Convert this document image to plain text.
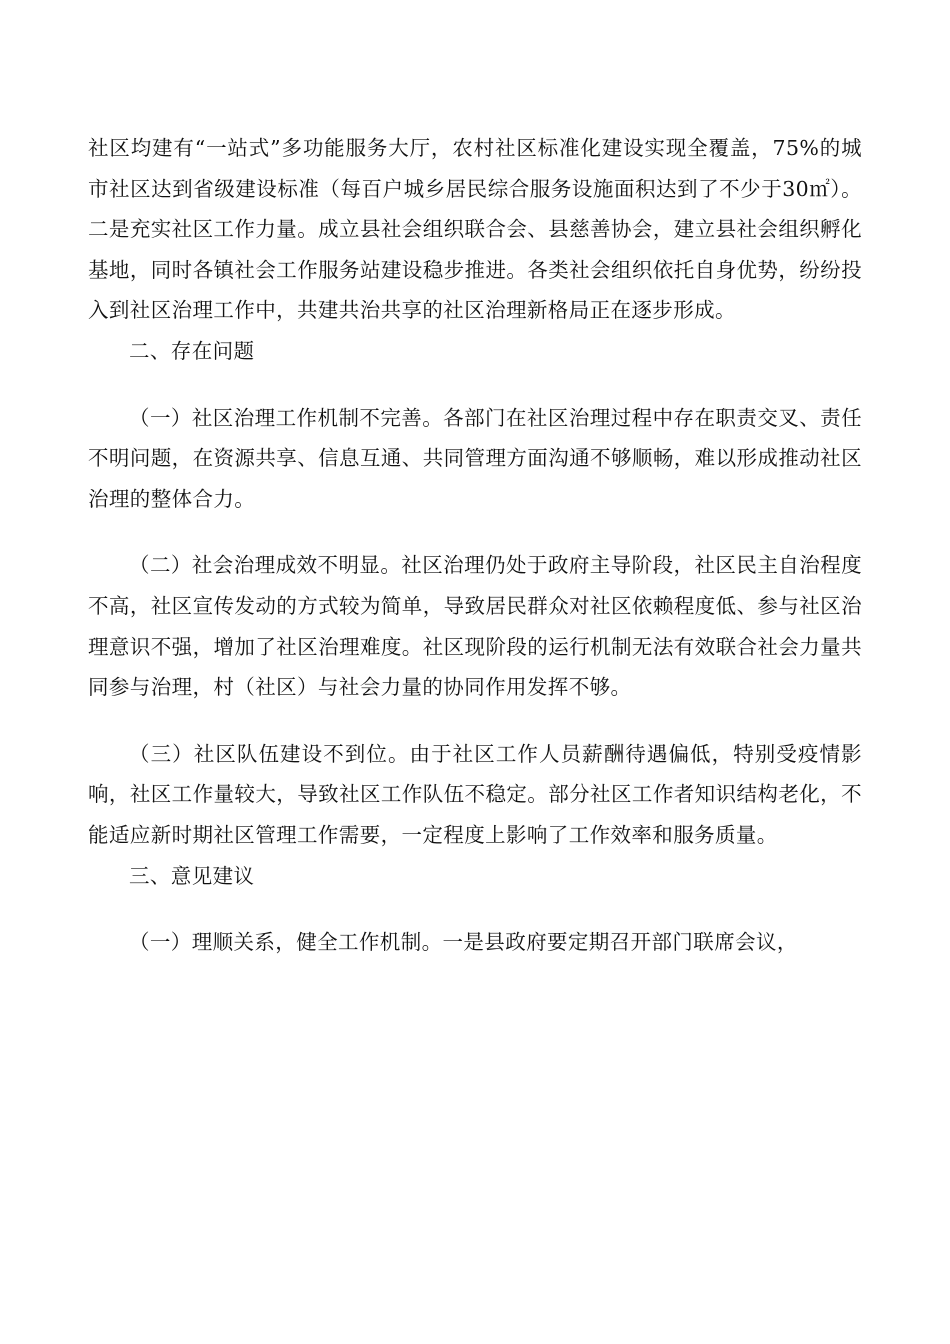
社区均建有“一站式”多功能服务大厅，农村社区标准化建设实现全覆盖，75%的城市社区达到省级建设标准（每百户城乡居民综合服务设施面积达到了不少于30㎡）。二是充实社区工作力量。成立县社会组织联合会、县慈善协会，建立县社会组织孵化基地，同时各镇社会工作服务站建设稳步推进。各类社会组织依托自身优势，纷纷投入到社区治理工作中，共建共治共享的社区治理新格局正在逐步形成。

二、存在问题

（一）社区治理工作机制不完善。各部门在社区治理过程中存在职责交叉、责任不明问题，在资源共享、信息互通、共同管理方面沟通不够顺畅，难以形成推动社区治理的整体合力。

（二）社会治理成效不明显。社区治理仍处于政府主导阶段，社区民主自治程度不高，社区宣传发动的方式较为简单，导致居民群众对社区依赖程度低、参与社区治理意识不强，增加了社区治理难度。社区现阶段的运行机制无法有效联合社会力量共同参与治理，村（社区）与社会力量的协同作用发挥不够。

（三）社区队伍建设不到位。由于社区工作人员薪酬待遇偏低，特别受疫情影响，社区工作量较大，导致社区工作队伍不稳定。部分社区工作者知识结构老化，不能适应新时期社区管理工作需要，一定程度上影响了工作效率和服务质量。

三、意见建议

（一）理顺关系，健全工作机制。一是县政府要定期召开部门联席会议，
